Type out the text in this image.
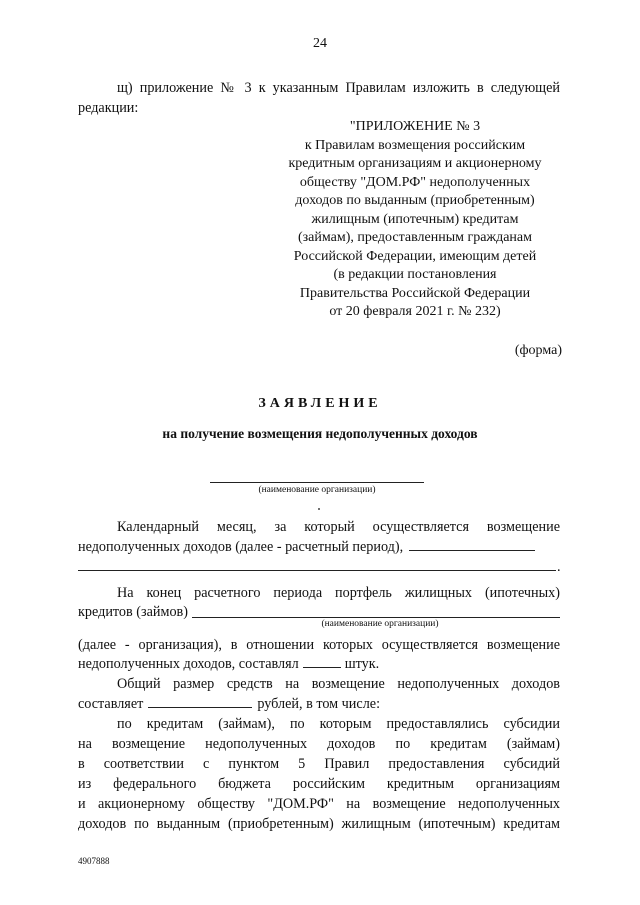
24
щ) приложение № 3 к указанным Правилам изложить в следующей
редакции:
"ПРИЛОЖЕНИЕ № 3
к Правилам возмещения российским
кредитным организациям и акционерному
обществу "ДОМ.РФ" недополученных
доходов по выданным (приобретенным)
жилищным (ипотечным) кредитам
(займам), предоставленным гражданам
Российской Федерации, имеющим детей
(в редакции постановления
Правительства Российской Федерации
от 20 февраля 2021 г. № 232)
(форма)
ЗАЯВЛЕНИЕ
на получение возмещения недополученных доходов
(наименование организации)
Календарный месяц, за который осуществляется возмещение
недополученных доходов (далее - расчетный период),
.
На конец расчетного периода портфель жилищных (ипотечных)
кредитов (займов)
(наименование организации)
(далее - организация), в отношении которых осуществляется возмещение
недополученных доходов, составлял	штук.
Общий размер средств на возмещение недополученных доходов
составляет	рублей, в том числе:
по кредитам (займам), по которым предоставлялись субсидии
на возмещение недополученных доходов по кредитам (займам)
в соответствии с пунктом 5 Правил предоставления субсидий
из федерального бюджета российским кредитным организациям
и акционерному обществу "ДОМ.РФ" на возмещение недополученных
доходов по выданным (приобретенным) жилищным (ипотечным) кредитам
4907888
